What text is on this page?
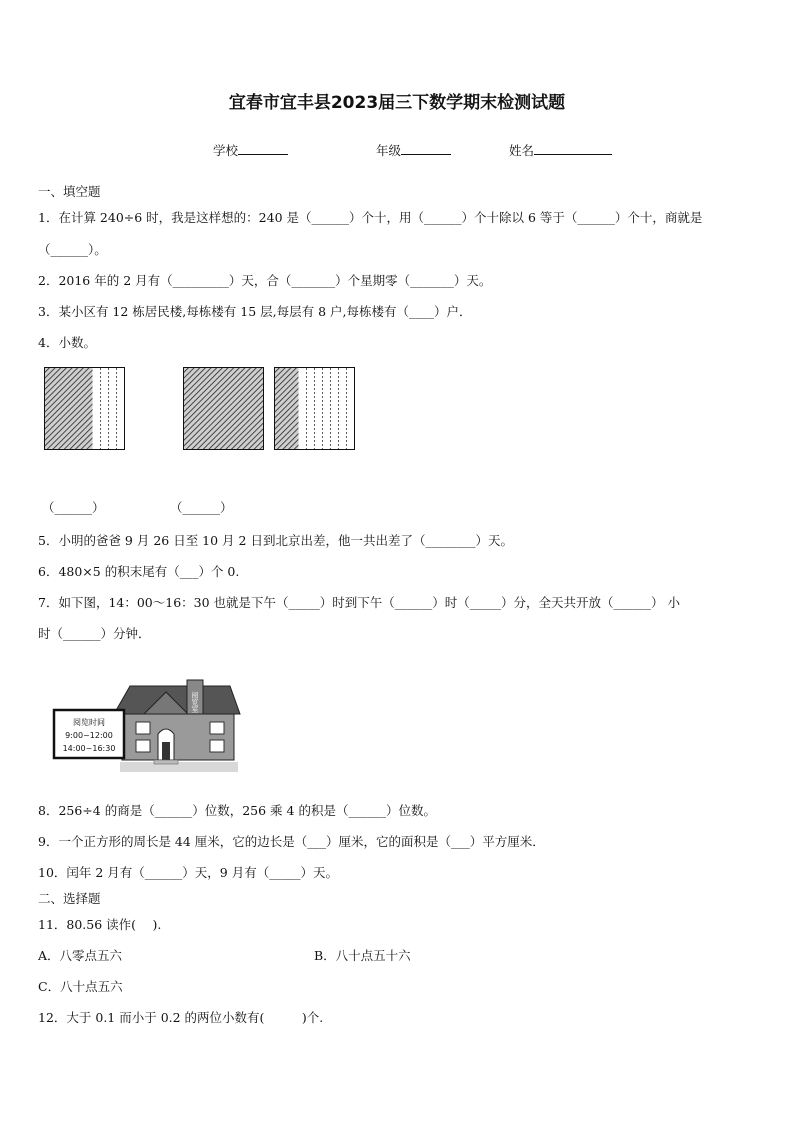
宜春市宜丰县2023届三下数学期末检测试题
学校	年级	姓名
一、填空题
1．在计算 240÷6 时，我是这样想的：240 是（______）个十，用（______）个十除以 6 等于（______）个十，商就是
（______）。
2．2016 年的 2 月有（_________）天，合（_______）个星期零（_______）天。
3．某小区有 12 栋居民楼,每栋楼有 15 层,每层有 8 户,每栋楼有（____）户．
4．小数。
（______）	（______）
5．小明的爸爸 9 月 26 日至 10 月 2 日到北京出差，他一共出差了（________）天。
6．480×5 的积末尾有（___）个 0.
7．如下图，14：00～16：30 也就是下午（_____）时到下午（______）时（_____）分，全天共开放（______） 小
时（______）分钟．
阅览室
阅览时间
9:00~12:00
14:00~16:30
8．256÷4 的商是（______）位数，256 乘 4 的积是（______）位数。
9．一个正方形的周长是 44 厘米，它的边长是（___）厘米，它的面积是（___）平方厘米．
10．闰年 2 月有（______）天，9 月有（_____）天。
二、选择题
11．80.56 读作(　 ).
A．八零点五六	B．八十点五十六
C．八十点五六
12．大于 0.1 而小于 0.2 的两位小数有(　　　)个.
